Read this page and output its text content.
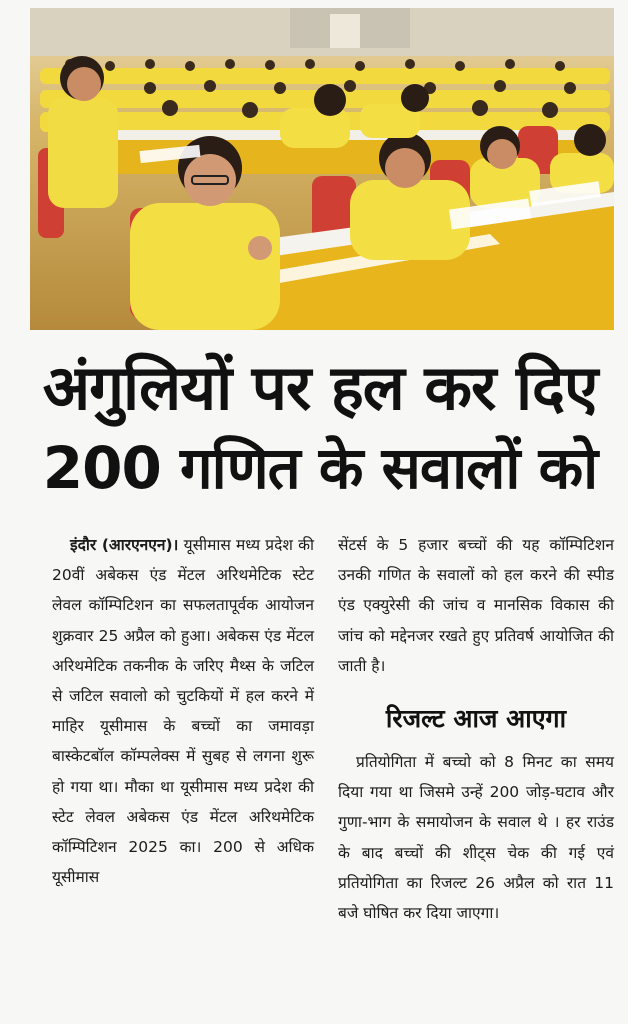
अंगुलियों पर हल कर दिए
200 गणित के सवालों को

इंदौर (आरएनएन)। यूसीमास मध्य प्रदेश की 20वीं अबेकस एंड मेंटल अरिथमेटिक स्टेट लेवल कॉम्पिटिशन का सफलतापूर्वक आयोजन शुक्रवार 25 अप्रैल को हुआ। अबेकस एंड मेंटल अरिथमेटिक तकनीक के जरिए मैथ्स के जटिल से जटिल सवालो को चुटकियों में हल करने में माहिर यूसीमास के बच्चों का जमावड़ा बास्केटबॉल कॉम्पलेक्स में सुबह से लगना शुरू हो गया था। मौका था यूसीमास मध्य प्रदेश की स्टेट लेवल अबेकस एंड मेंटल अरिथमेटिक कॉम्पिटिशन 2025 का। 200 से अधिक यूसीमास

सेंटर्स के 5 हजार बच्चों की यह कॉम्पिटिशन उनकी गणित के सवालों को हल करने की स्पीड एंड एक्युरेसी की जांच व मानसिक विकास की जांच को मद्देनजर रखते हुए प्रतिवर्ष आयोजित की जाती है।

रिजल्ट आज आएगा

प्रतियोगिता में बच्चो को 8 मिनट का समय दिया गया था जिसमे उन्हें 200 जोड़-घटाव और गुणा-भाग के समायोजन के सवाल थे । हर राउंड के बाद बच्चों की शीट्स चेक की गई एवं प्रतियोगिता का रिजल्ट 26 अप्रैल को रात 11 बजे घोषित कर दिया जाएगा।
